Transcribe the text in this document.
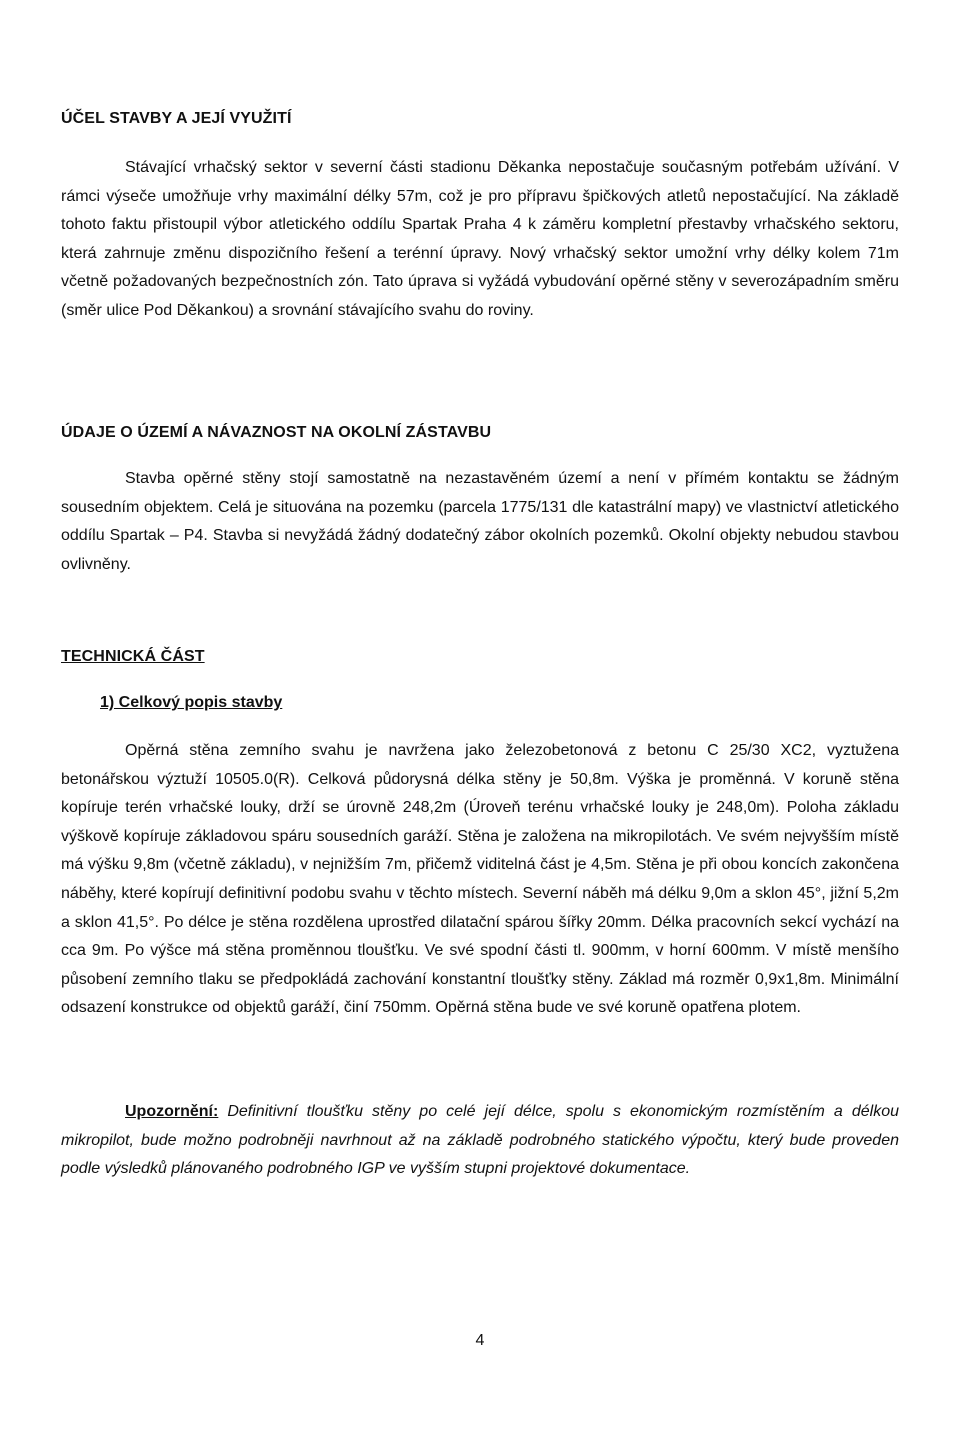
ÚČEL STAVBY A JEJÍ VYUŽITÍ
Stávající vrhačský sektor v severní části stadionu Děkanka nepostačuje současným potřebám užívání. V rámci výseče umožňuje vrhy maximální délky 57m, což je pro přípravu špičkových atletů nepostačující. Na základě tohoto faktu přistoupil výbor atletického oddílu Spartak Praha 4 k záměru kompletní přestavby vrhačského sektoru, která zahrnuje změnu dispozičního řešení a terénní úpravy. Nový vrhačský sektor umožní vrhy délky kolem 71m včetně požadovaných bezpečnostních zón. Tato úprava si vyžádá vybudování opěrné stěny v severozápadním směru (směr ulice Pod Děkankou) a srovnání stávajícího svahu do roviny.
ÚDAJE O ÚZEMÍ A NÁVAZNOST NA OKOLNÍ ZÁSTAVBU
Stavba opěrné stěny stojí samostatně na nezastavěném území a není v přímém kontaktu se žádným sousedním objektem. Celá je situována na pozemku (parcela 1775/131 dle katastrální mapy) ve vlastnictví atletického oddílu Spartak – P4. Stavba si nevyžádá žádný dodatečný zábor okolních pozemků. Okolní objekty nebudou stavbou ovlivněny.
TECHNICKÁ ČÁST
1) Celkový popis stavby
Opěrná stěna zemního svahu je navržena jako železobetonová z betonu C 25/30 XC2, vyztužena betonářskou výztuží 10505.0(R). Celková půdorysná délka stěny je 50,8m. Výška je proměnná. V koruně stěna kopíruje terén vrhačské louky, drží se úrovně 248,2m (Úroveň terénu vrhačské louky je 248,0m). Poloha základu výškově kopíruje základovou spáru sousedních garáží. Stěna je založena na mikropilotách. Ve svém nejvyšším místě má výšku 9,8m (včetně základu), v nejnižším 7m, přičemž viditelná část je 4,5m. Stěna je při obou koncích zakončena náběhy, které kopírují definitivní podobu svahu v těchto místech. Severní náběh má délku 9,0m a sklon 45°, jižní 5,2m a sklon 41,5°. Po délce je stěna rozdělena uprostřed dilatační spárou šířky 20mm. Délka pracovních sekcí vychází na cca 9m. Po výšce má stěna proměnnou tloušťku. Ve své spodní části tl. 900mm, v horní 600mm. V místě menšího působení zemního tlaku se předpokládá zachování konstantní tloušťky stěny. Základ má rozměr 0,9x1,8m. Minimální odsazení konstrukce od objektů garáží, činí 750mm. Opěrná stěna bude ve své koruně opatřena plotem.
Upozornění: Definitivní tloušťku stěny po celé její délce, spolu s ekonomickým rozmístěním a délkou mikropilot, bude možno podrobněji navrhnout až na základě podrobného statického výpočtu, který bude proveden podle výsledků plánovaného podrobného IGP ve vyšším stupni projektové dokumentace.
4
